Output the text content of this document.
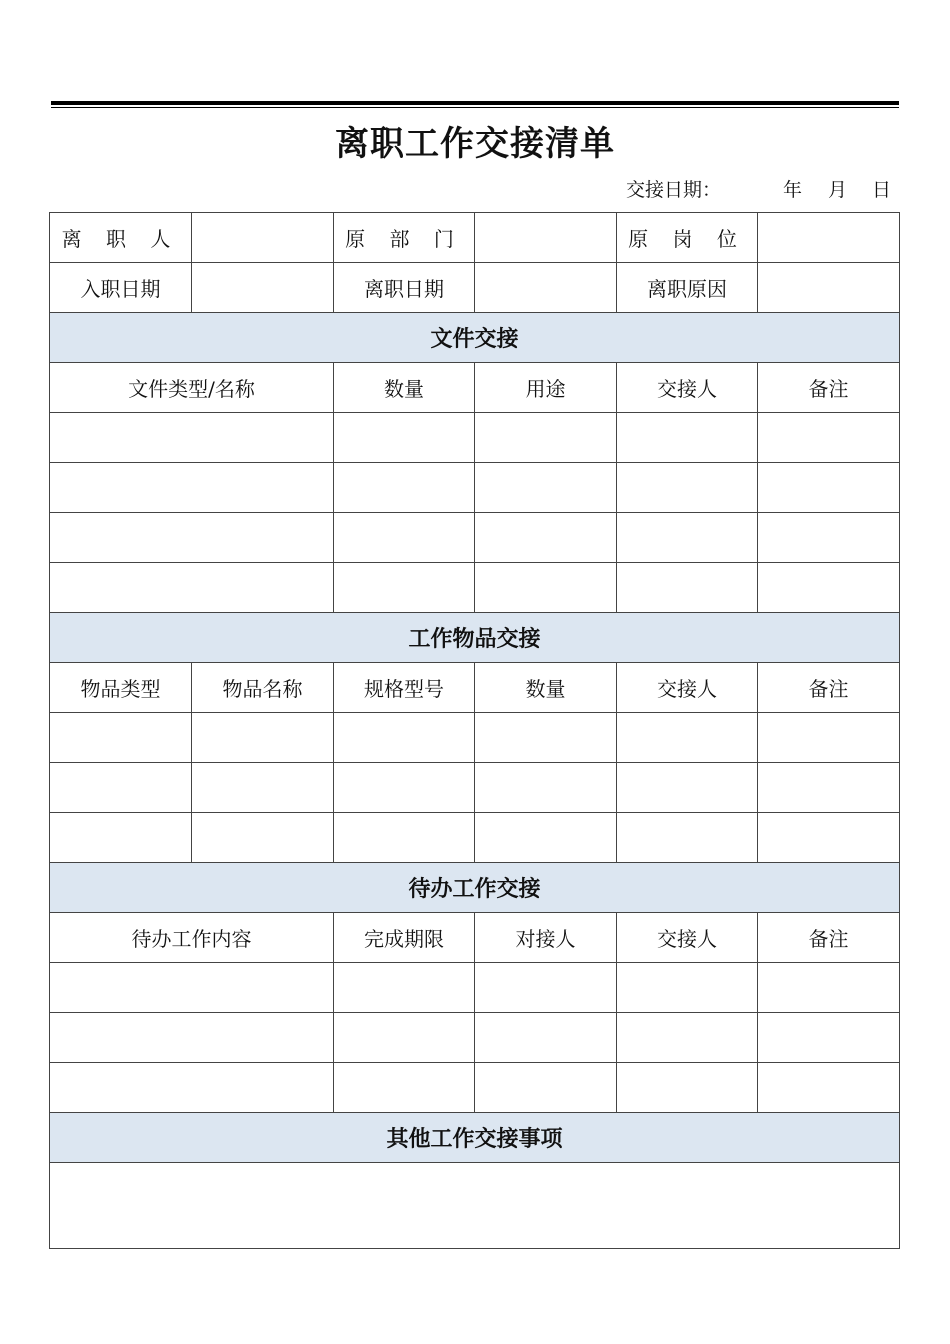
离职工作交接清单
交接日期：	年 月 日
离 职 人		原 部 门		原 岗 位	
入职日期		离职日期		离职原因	
文件交接					
文件类型/名称		数量	用途	交接人	备注

工作物品交接					
物品类型	物品名称	规格型号	数量	交接人	备注

待办工作交接					
待办工作内容		完成期限	对接人	交接人	备注

其他工作交接事项					
